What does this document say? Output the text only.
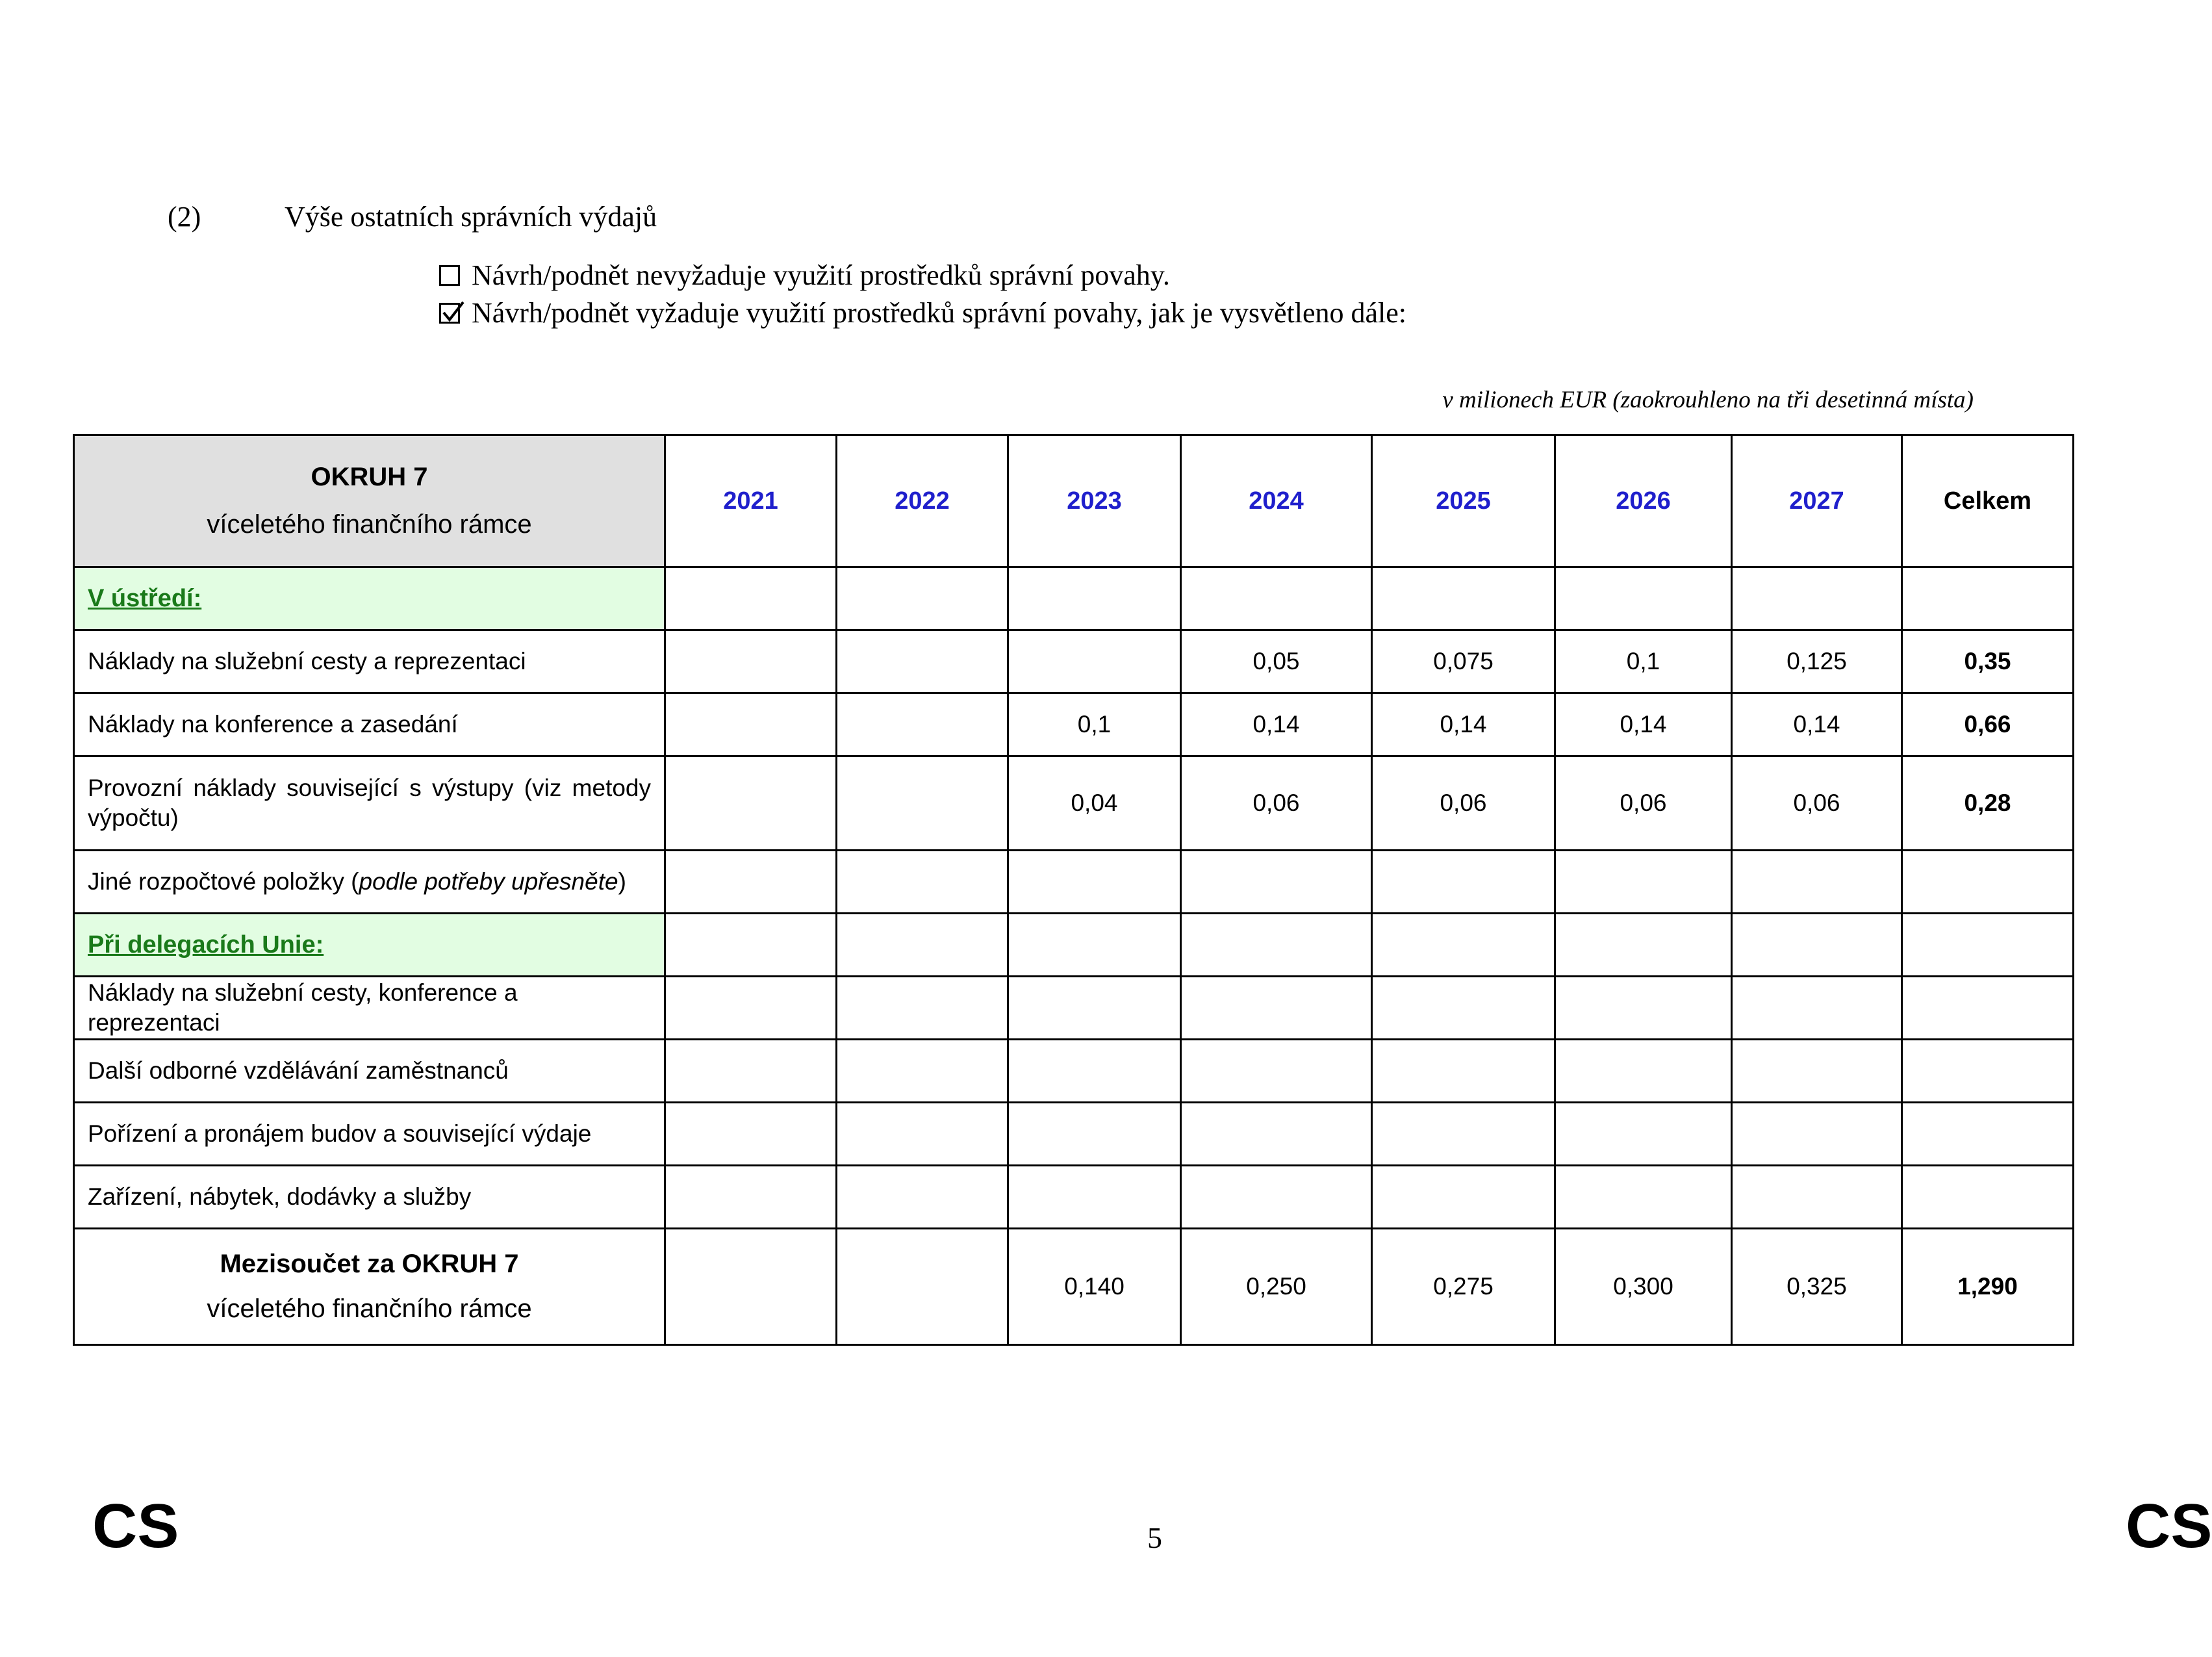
(2)	Výše ostatních správních výdajů
Návrh/podnět nevyžaduje využití prostředků správní povahy.
Návrh/podnět vyžaduje využití prostředků správní povahy, jak je vysvětleno dále:
v milionech EUR (zaokrouhleno na tři desetinná místa)
OKRUH 7
víceletého finančního rámce	2021	2022	2023	2024	2025	2026	2027	Celkem
V ústředí:								
Náklady na služební cesty a reprezentaci				0,05	0,075	0,1	0,125	0,35
Náklady na konference a zasedání			0,1	0,14	0,14	0,14	0,14	0,66
Provozní náklady související s výstupy (viz metody výpočtu)			0,04	0,06	0,06	0,06	0,06	0,28
Jiné rozpočtové položky (podle potřeby upřesněte)								
Při delegacích Unie:								
Náklady na služební cesty, konference a reprezentaci								
Další odborné vzdělávání zaměstnanců								
Pořízení a pronájem budov a související výdaje								
Zařízení, nábytek, dodávky a služby								

Mezisoučet za OKRUH 7
víceletého finančního rámce			0,140	0,250	0,275	0,300	0,325	1,290
CS	5	CS
